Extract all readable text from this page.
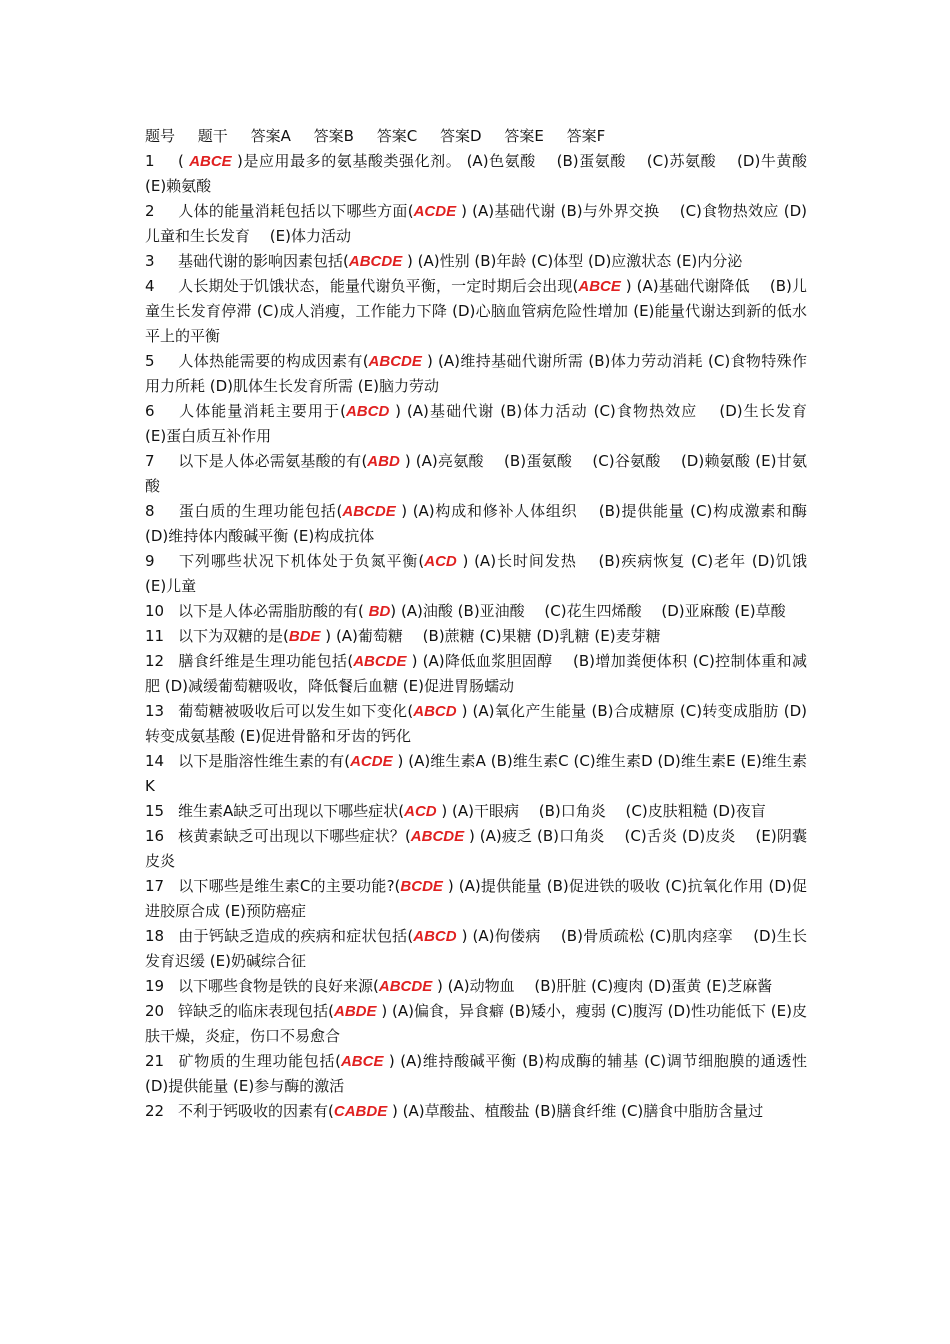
题号 题干 答案A 答案B 答案C 答案D 答案E 答案F

1 ( ABCE )是应用最多的氨基酸类强化剂。 (A)色氨酸　 (B)蛋氨酸　 (C)苏氨酸　 (D)牛黄酸　(E)赖氨酸

2 人体的能量消耗包括以下哪些方面(ACDE ) (A)基础代谢 (B)与外界交换　 (C)食物热效应 (D)儿童和生长发育　 (E)体力活动

3 基础代谢的影响因素包括(ABCDE ) (A)性别 (B)年龄 (C)体型 (D)应激状态 (E)内分泌

4 人长期处于饥饿状态，能量代谢负平衡，一定时期后会出现(ABCE ) (A)基础代谢降低　 (B)儿童生长发育停滞 (C)成人消瘦，工作能力下降 (D)心脑血管病危险性增加 (E)能量代谢达到新的低水平上的平衡

5 人体热能需要的构成因素有(ABCDE ) (A)维持基础代谢所需 (B)体力劳动消耗 (C)食物特殊作用力所耗 (D)肌体生长发育所需 (E)脑力劳动

6 人体能量消耗主要用于(ABCD ) (A)基础代谢 (B)体力活动 (C)食物热效应　 (D)生长发育　 (E)蛋白质互补作用

7 以下是人体必需氨基酸的有(ABD ) (A)亮氨酸　 (B)蛋氨酸　 (C)谷氨酸　 (D)赖氨酸 (E)甘氨酸

8 蛋白质的生理功能包括(ABCDE ) (A)构成和修补人体组织　 (B)提供能量 (C)构成激素和酶　 (D)维持体内酸碱平衡 (E)构成抗体

9 下列哪些状况下机体处于负氮平衡(ACD ) (A)长时间发热　 (B)疾病恢复 (C)老年 (D)饥饿　 (E)儿童

10 以下是人体必需脂肪酸的有( BD) (A)油酸 (B)亚油酸　 (C)花生四烯酸　 (D)亚麻酸 (E)草酸

11 以下为双糖的是(BDE ) (A)葡萄糖　 (B)蔗糖 (C)果糖 (D)乳糖 (E)麦芽糖

12 膳食纤维是生理功能包括(ABCDE ) (A)降低血浆胆固醇　 (B)增加粪便体积 (C)控制体重和减肥 (D)减缓葡萄糖吸收，降低餐后血糖 (E)促进胃肠蠕动

13 葡萄糖被吸收后可以发生如下变化(ABCD ) (A)氧化产生能量 (B)合成糖原 (C)转变成脂肪 (D)转变成氨基酸 (E)促进骨骼和牙齿的钙化

14 以下是脂溶性维生素的有(ACDE ) (A)维生素A (B)维生素C (C)维生素D (D)维生素E (E)维生素K

15 维生素A缺乏可出现以下哪些症状(ACD ) (A)干眼病　 (B)口角炎　 (C)皮肤粗糙 (D)夜盲

16 核黄素缺乏可出现以下哪些症状？(ABCDE ) (A)疲乏 (B)口角炎　 (C)舌炎 (D)皮炎　 (E)阴囊皮炎

17 以下哪些是维生素C的主要功能?(BCDE ) (A)提供能量 (B)促进铁的吸收 (C)抗氧化作用 (D)促进胶原合成 (E)预防癌症

18 由于钙缺乏造成的疾病和症状包括(ABCD ) (A)佝偻病　 (B)骨质疏松 (C)肌肉痉挛　 (D)生长发育迟缓 (E)奶碱综合征

19 以下哪些食物是铁的良好来源(ABCDE ) (A)动物血　 (B)肝脏 (C)瘦肉 (D)蛋黄 (E)芝麻酱

20 锌缺乏的临床表现包括(ABDE ) (A)偏食，异食癖 (B)矮小，瘦弱 (C)腹泻 (D)性功能低下 (E)皮肤干燥，炎症，伤口不易愈合

21 矿物质的生理功能包括(ABCE ) (A)维持酸碱平衡 (B)构成酶的辅基 (C)调节细胞膜的通透性 (D)提供能量 (E)参与酶的激活

22 不利于钙吸收的因素有(CABDE ) (A)草酸盐、植酸盐 (B)膳食纤维 (C)膳食中脂肪含量过
